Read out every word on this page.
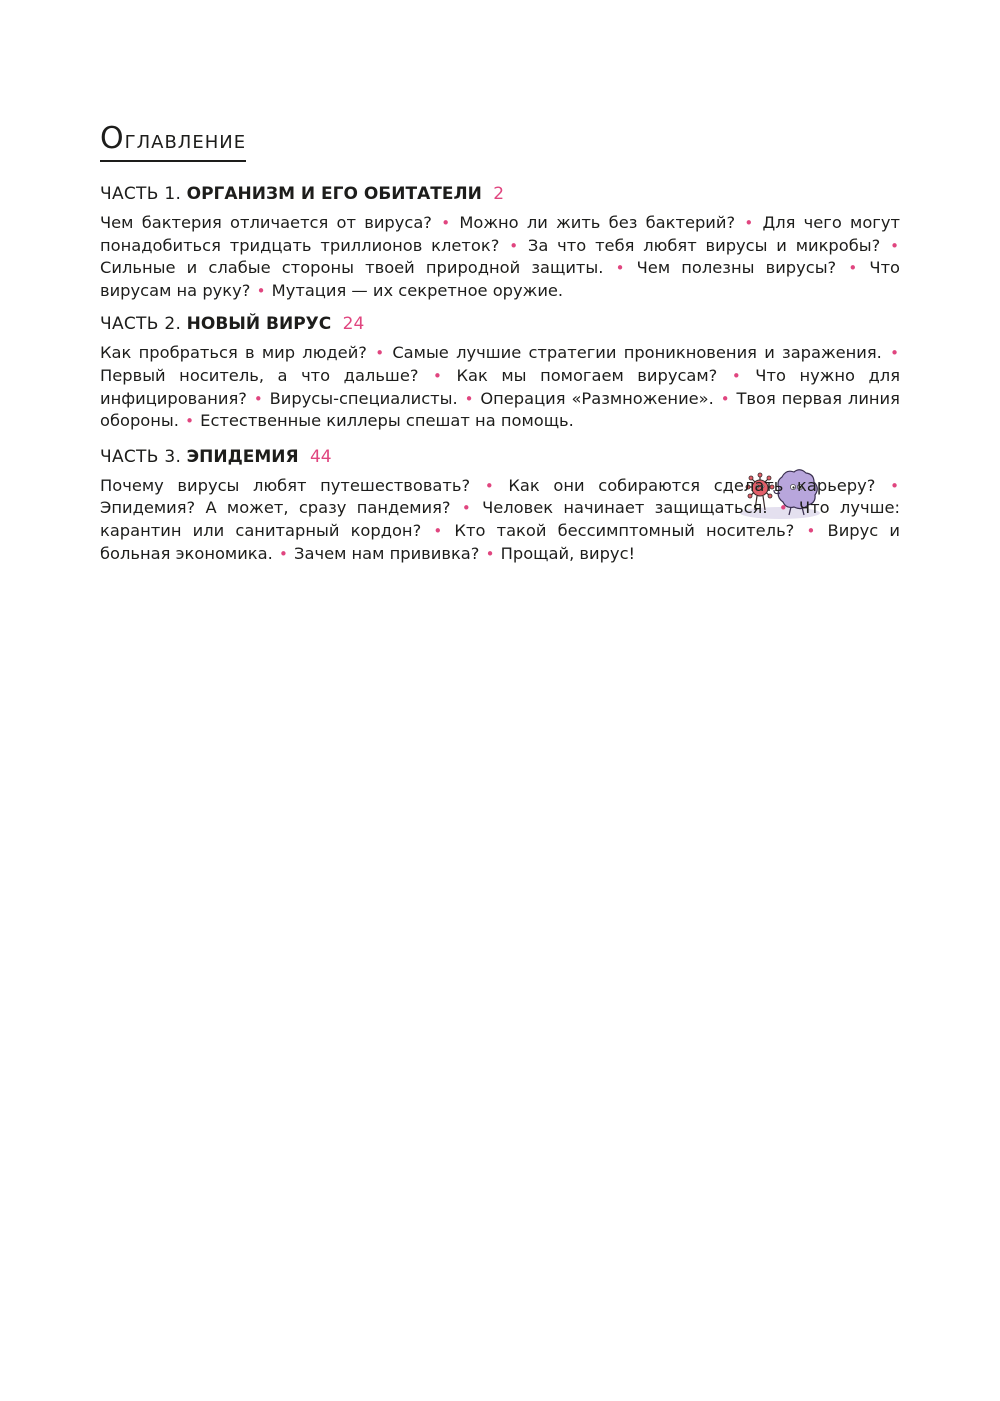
Оглавление

ЧАСТЬ 1. ОРГАНИЗМ И ЕГО ОБИТАТЕЛИ 2

Чем бактерия отличается от вируса? • Можно ли жить без бактерий? • Для чего могут понадобиться тридцать триллионов клеток? • За что тебя любят вирусы и микробы? • Сильные и слабые стороны твоей природной защиты. • Чем полезны вирусы? • Что вирусам на руку? • Мутация — их секретное оружие.

ЧАСТЬ 2. НОВЫЙ ВИРУС 24

Как пробраться в мир людей? • Самые лучшие стратегии проникновения и заражения. • Первый носитель, а что дальше? • Как мы помогаем вирусам? • Что нужно для инфицирования? • Вирусы-специалисты. • Операция «Размножение». • Твоя первая линия обороны. • Естественные киллеры спешат на помощь.

ЧАСТЬ 3. ЭПИДЕМИЯ 44

Почему вирусы любят путешествовать? • Как они собираются сделать карьеру? • Эпидемия? А может, сразу пандемия? • Человек начинает защищаться. • Что лучше: карантин или санитарный кордон? • Кто такой бессимптомный носитель? • Вирус и больная экономика. • Зачем нам прививка? • Прощай, вирус!
